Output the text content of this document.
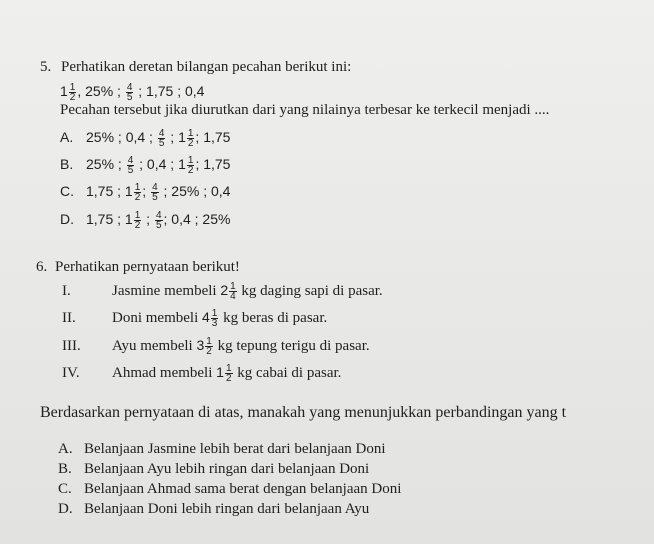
5. Perhatikan deretan bilangan pecahan berikut ini:
$1 \frac{1}{2}$ , 25% ; $\frac{4}{5}$ ; 1,75 ; 0,4
Pecahan tersebut jika diurutkan dari yang nilainya terbesar ke terkecil menjadi ....
A. 25% ; 0,4 ; $\frac{4}{5}$ ; $1 \frac{1}{2}$ ; 1,75
B. 25% ; $\frac{4}{5}$ ; 0,4 ; $1 \frac{1}{2}$ ; 1,75
C. 1,75 ; $1 \frac{1}{2}$ ; $\frac{4}{5}$ ; 25% ; 0,4
D. 1,75 ; $1 \frac{1}{2}$ ; $\frac{4}{5}$ ; 0,4 ; 25%
6. Perhatikan pernyataan berikut!
I.	Jasmine membeli $2 \frac{1}{4}$ kg daging sapi di pasar.
II. Doni membeli $4 \frac{1}{3}$ kg beras di pasar.
III. Ayu membeli $3 \frac{1}{2}$ kg tepung terigu di pasar.
IV. Ahmad membeli $1 \frac{1}{2}$ kg cabai di pasar.
Berdasarkan pernyataan di atas, manakah yang menunjukkan perbandingan yang t
A. Belanjaan Jasmine lebih berat dari belanjaan Doni
B. Belanjaan Ayu lebih ringan dari belanjaan Doni
C. Belanjaan Ahmad sama berat dengan belanjaan Doni
D. Belanjaan Doni lebih ringan dari belanjaan Ayu
